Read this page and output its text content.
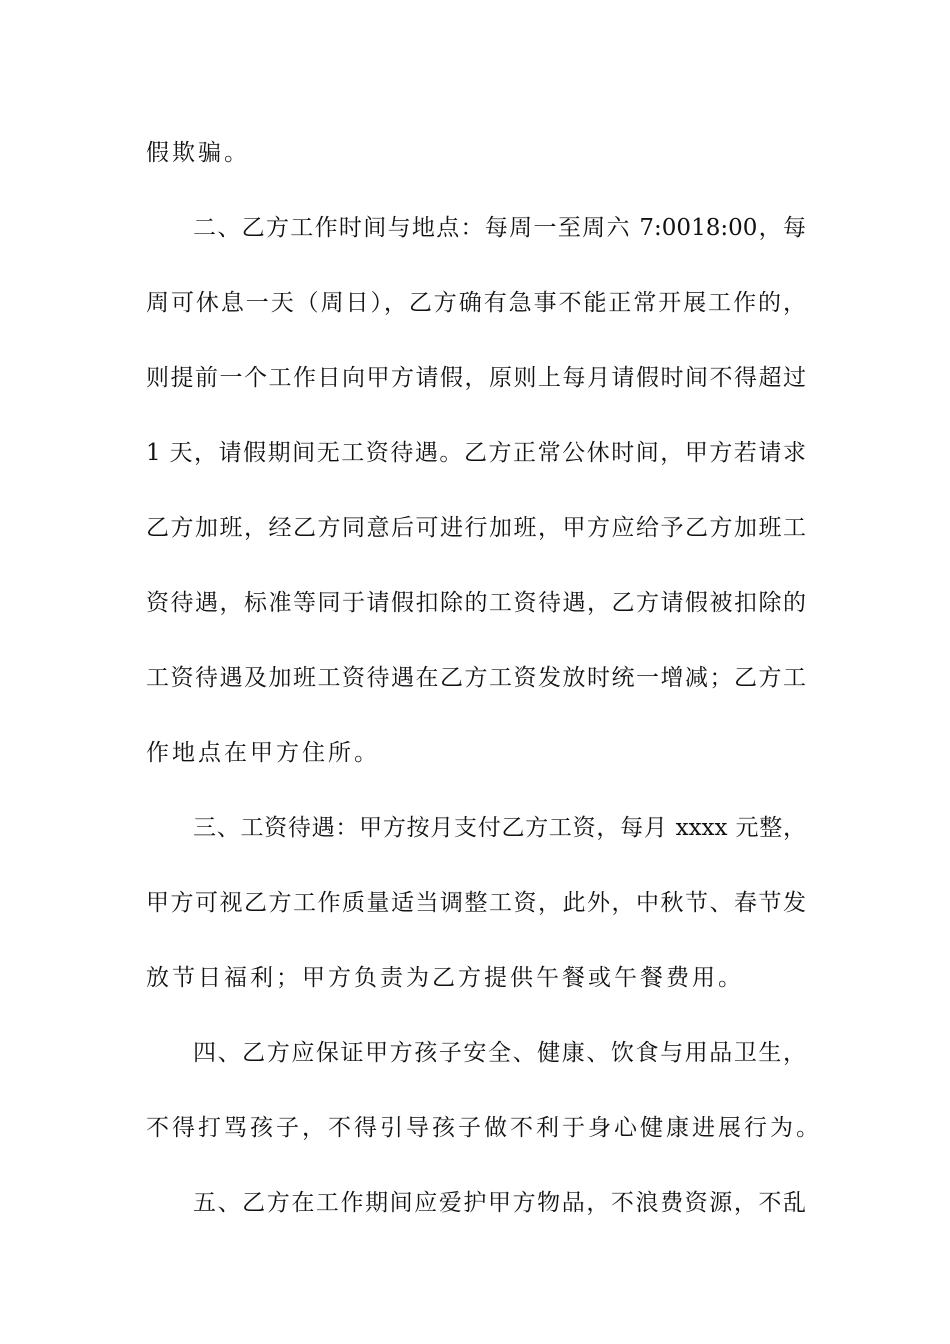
假欺骗。
二、乙方工作时间与地点：每周一至周六 7:0018:00，每
周可休息一天（周日），乙方确有急事不能正常开展工作的，
则提前一个工作日向甲方请假，原则上每月请假时间不得超过
1 天，请假期间无工资待遇。乙方正常公休时间，甲方若请求
乙方加班，经乙方同意后可进行加班，甲方应给予乙方加班工
资待遇，标准等同于请假扣除的工资待遇，乙方请假被扣除的
工资待遇及加班工资待遇在乙方工资发放时统一增减；乙方工
作地点在甲方住所。
三、工资待遇：甲方按月支付乙方工资，每月 xxxx 元整，
甲方可视乙方工作质量适当调整工资，此外，中秋节、春节发
放节日福利；甲方负责为乙方提供午餐或午餐费用。
四、乙方应保证甲方孩子安全、健康、饮食与用品卫生，
不得打骂孩子，不得引导孩子做不利于身心健康进展行为。
五、乙方在工作期间应爱护甲方物品，不浪费资源，不乱
